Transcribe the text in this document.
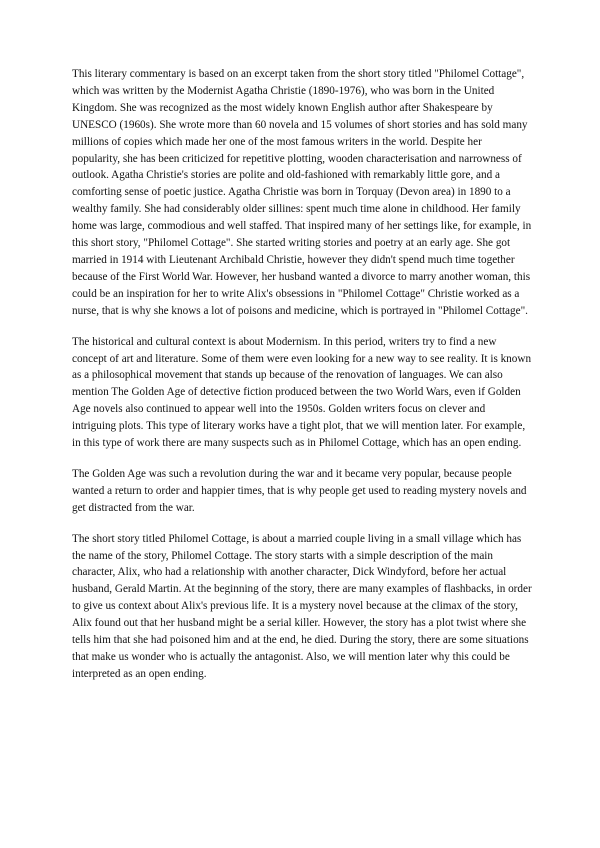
This literary commentary is based on an excerpt taken from the short story titled "Philomel Cottage", which was written by the Modernist Agatha Christie (1890-1976), who was born in the United Kingdom. She was recognized as the most widely known English author after Shakespeare by UNESCO (1960s). She wrote more than 60 novela and 15 volumes of short stories and has sold many millions of copies which made her one of the most famous writers in the world. Despite her popularity, she has been criticized for repetitive plotting, wooden characterisation and narrowness of outlook. Agatha Christie's stories are polite and old-fashioned with remarkably little gore, and a comforting sense of poetic justice. Agatha Christie was born in Torquay (Devon area) in 1890 to a wealthy family. She had considerably older sillines: spent much time alone in childhood. Her family home was large, commodious and well staffed. That inspired many of her settings like, for example, in this short story, "Philomel Cottage". She started writing stories and poetry at an early age. She got married in 1914 with Lieutenant Archibald Christie, however they didn't spend much time together because of the First World War. However, her husband wanted a divorce to marry another woman, this could be an inspiration for her to write Alix's obsessions in "Philomel Cottage" Christie worked as a nurse, that is why she knows a lot of poisons and medicine, which is portrayed in "Philomel Cottage".

The historical and cultural context is about Modernism. In this period, writers try to find a new concept of art and literature. Some of them were even looking for a new way to see reality. It is known as a philosophical movement that stands up because of the renovation of languages. We can also mention The Golden Age of detective fiction produced between the two World Wars, even if Golden Age novels also continued to appear well into the 1950s. Golden writers focus on clever and intriguing plots. This type of literary works have a tight plot, that we will mention later. For example, in this type of work there are many suspects such as in Philomel Cottage, which has an open ending.

The Golden Age was such a revolution during the war and it became very popular, because people wanted a return to order and happier times, that is why people get used to reading mystery novels and get distracted from the war.

The short story titled Philomel Cottage, is about a married couple living in a small village which has the name of the story, Philomel Cottage. The story starts with a simple description of the main character, Alix, who had a relationship with another character, Dick Windyford, before her actual husband, Gerald Martin. At the beginning of the story, there are many examples of flashbacks, in order to give us context about Alix's previous life. It is a mystery novel because at the climax of the story, Alix found out that her husband might be a serial killer. However, the story has a plot twist where she tells him that she had poisoned him and at the end, he died. During the story, there are some situations that make us wonder who is actually the antagonist. Also, we will mention later why this could be interpreted as an open ending.
